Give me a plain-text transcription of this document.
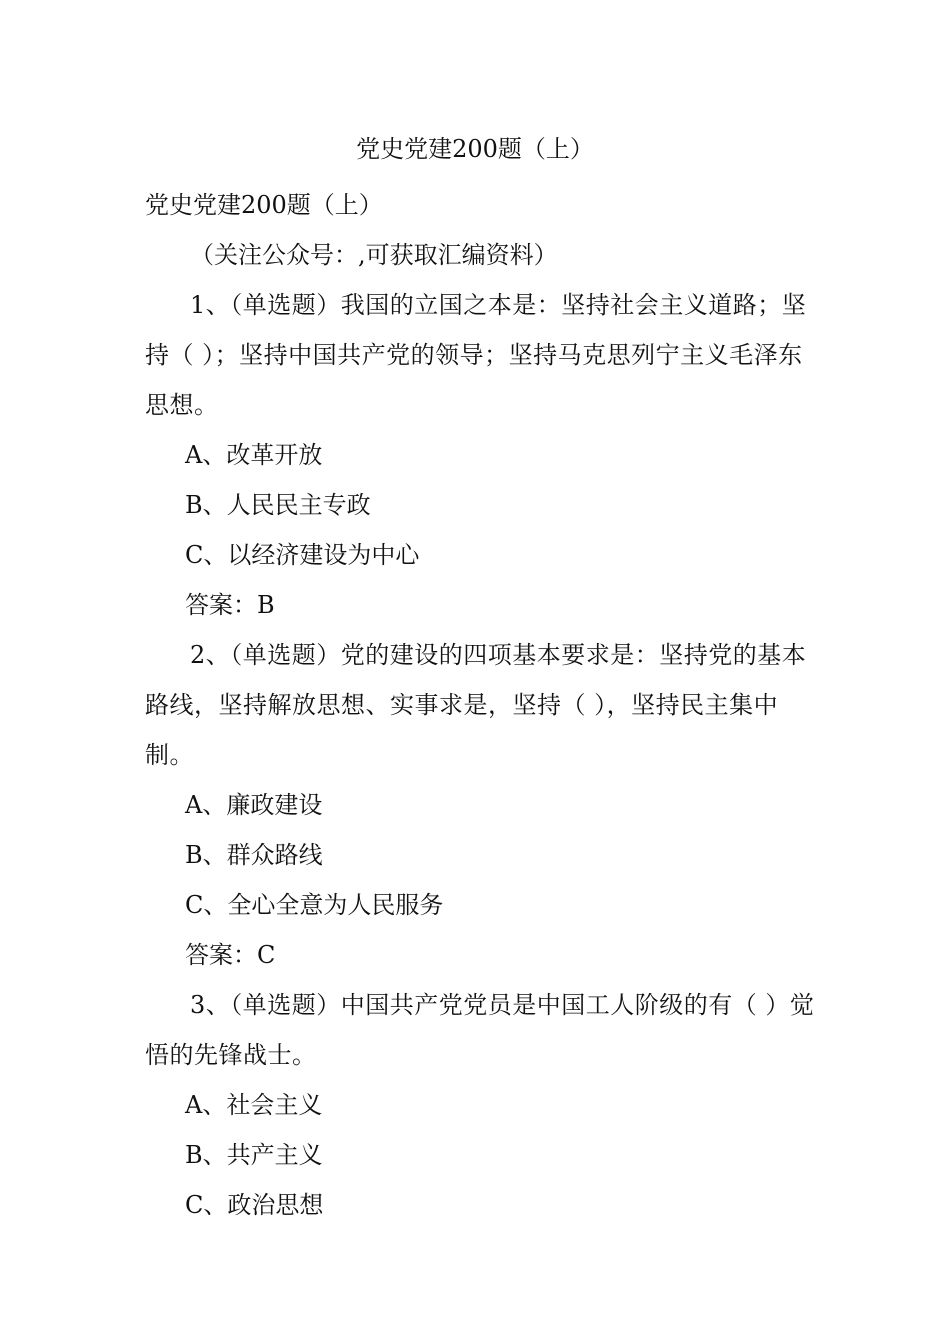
党史党建200题（上）
党史党建200题（上）
（关注公众号：,可获取汇编资料）
1、（单选题）我国的立国之本是：坚持社会主义道路；坚持（ ）；坚持中国共产党的领导；坚持马克思列宁主义毛泽东思想。
A、改革开放
B、人民民主专政
C、以经济建设为中心
答案：B
2、（单选题）党的建设的四项基本要求是：坚持党的基本路线，坚持解放思想、实事求是，坚持（ ），坚持民主集中制。
A、廉政建设
B、群众路线
C、全心全意为人民服务
答案：C
3、（单选题）中国共产党党员是中国工人阶级的有（ ）觉悟的先锋战士。
A、社会主义
B、共产主义
C、政治思想
